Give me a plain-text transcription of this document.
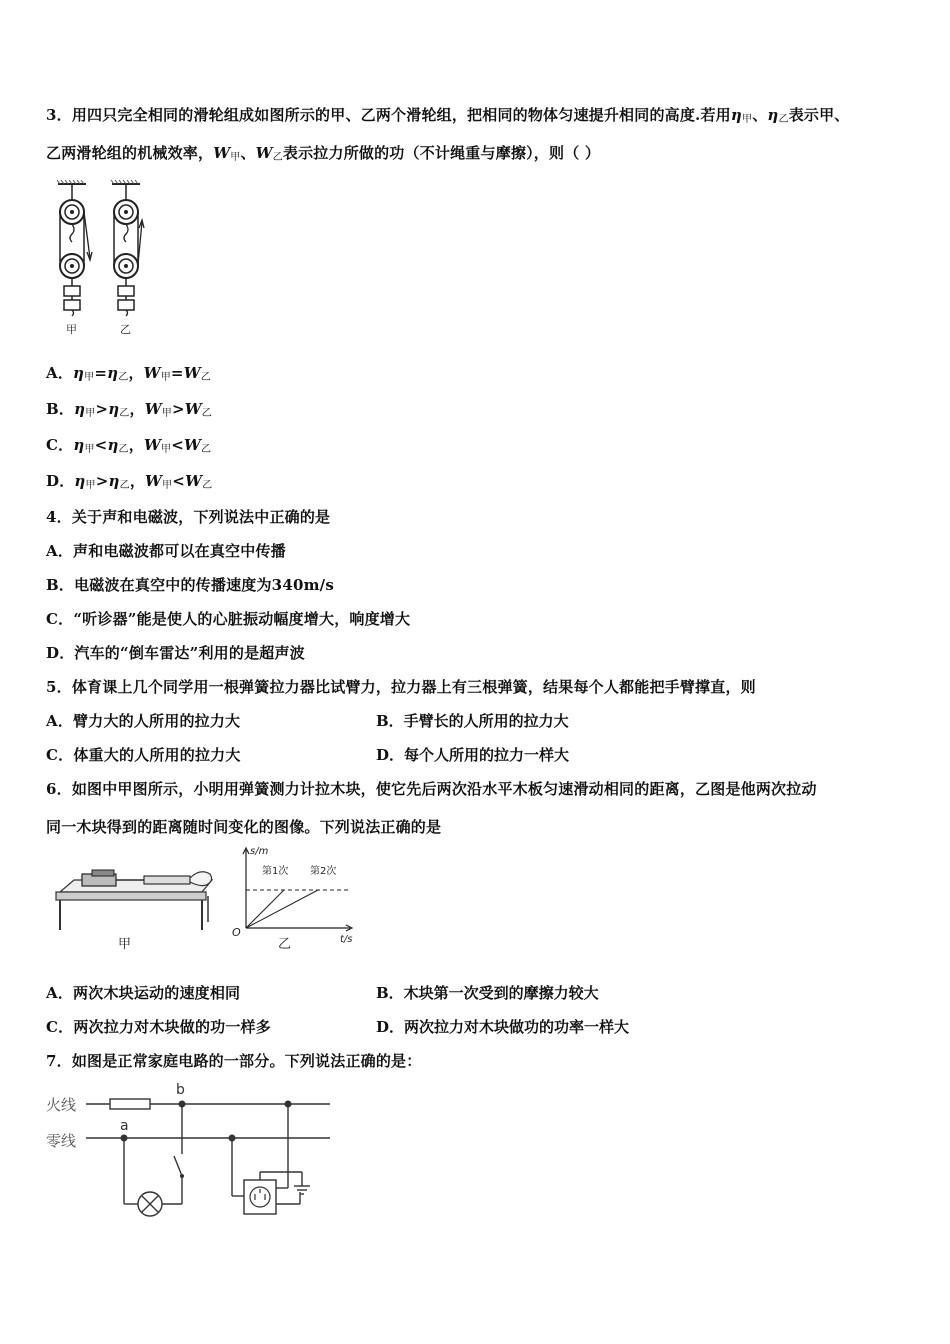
3．用四只完全相同的滑轮组成如图所示的甲、乙两个滑轮组，把相同的物体匀速提升相同的高度.若用$\eta_甲$、$\eta_乙$表示甲、
乙两滑轮组的机械效率，$W_甲$、$W_乙$表示拉力所做的功（不计绳重与摩擦），则（ ）
甲	乙
A．$\eta_甲=\eta_乙$，$W_甲=W_乙$
B．$\eta_甲>\eta_乙$，$W_甲>W_乙$
C．$\eta_甲<\eta_乙$，$W_甲<W_乙$
D．$\eta_甲>\eta_乙$，$W_甲<W_乙$
4．关于声和电磁波，下列说法中正确的是
A．声和电磁波都可以在真空中传播
B．电磁波在真空中的传播速度为340m/s
C．“听诊器”能是使人的心脏振动幅度增大，响度增大
D．汽车的“倒车雷达”利用的是超声波
5．体育课上几个同学用一根弹簧拉力器比试臂力，拉力器上有三根弹簧，结果每个人都能把手臂撑直，则
A．臂力大的人所用的拉力大	B．手臂长的人所用的拉力大
C．体重大的人所用的拉力大	D．每个人所用的拉力一样大
6．如图中甲图所示，小明用弹簧测力计拉木块，使它先后两次沿水平木板匀速滑动相同的距离，乙图是他两次拉动
同一木块得到的距离随时间变化的图像。下列说法正确的是
甲
s/m
第1次 第2次
O
t/s
乙
A．两次木块运动的速度相同	B．木块第一次受到的摩擦力较大
C．两次拉力对木块做的功一样多	D．两次拉力对木块做功的功率一样大
7．如图是正常家庭电路的一部分。下列说法正确的是：
火线
零线
a
b
